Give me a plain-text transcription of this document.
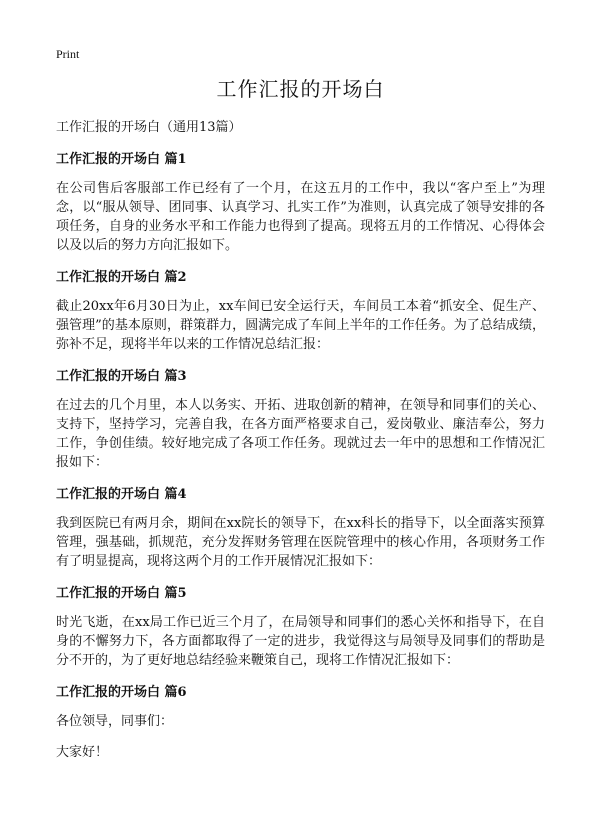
Print
工作汇报的开场白
工作汇报的开场白（通用13篇）
工作汇报的开场白 篇1
在公司售后客服部工作已经有了一个月，在这五月的工作中，我以“客户至上”为理念，以“服从领导、团同事、认真学习、扎实工作”为准则，认真完成了领导安排的各项任务，自身的业务水平和工作能力也得到了提高。现将五月的工作情况、心得体会以及以后的努力方向汇报如下。
工作汇报的开场白 篇2
截止20xx年6月30日为止，xx车间已安全运行天，车间员工本着“抓安全、促生产、强管理”的基本原则，群策群力，圆满完成了车间上半年的工作任务。为了总结成绩，弥补不足，现将半年以来的工作情况总结汇报：
工作汇报的开场白 篇3
在过去的几个月里，本人以务实、开拓、进取创新的精神，在领导和同事们的关心、支持下，坚持学习，完善自我，在各方面严格要求自己，爱岗敬业、廉洁奉公，努力工作，争创佳绩。较好地完成了各项工作任务。现就过去一年中的思想和工作情况汇报如下：
工作汇报的开场白 篇4
我到医院已有两月余，期间在xx院长的领导下，在xx科长的指导下，以全面落实预算管理，强基础，抓规范，充分发挥财务管理在医院管理中的核心作用，各项财务工作有了明显提高，现将这两个月的工作开展情况汇报如下：
工作汇报的开场白 篇5
时光飞逝，在xx局工作已近三个月了，在局领导和同事们的悉心关怀和指导下，在自身的不懈努力下，各方面都取得了一定的进步，我觉得这与局领导及同事们的帮助是分不开的，为了更好地总结经验来鞭策自己，现将工作情况汇报如下：
工作汇报的开场白 篇6
各位领导，同事们：
大家好！
